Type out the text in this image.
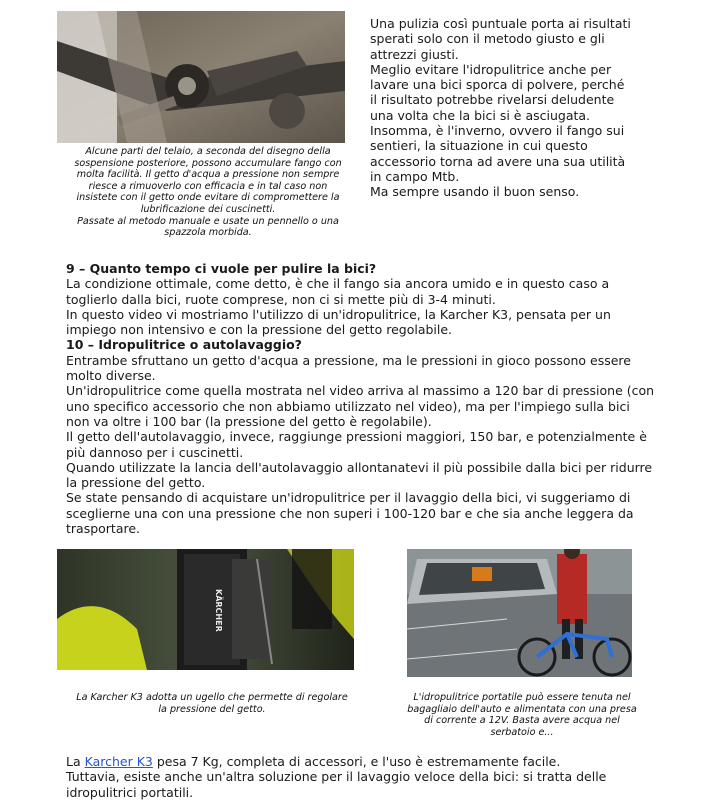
Alcune parti del telaio, a seconda del disegno della sospensione posteriore, possono accumulare fango con molta facilità. Il getto d'acqua a pressione non sempre riesce a rimuoverlo con efficacia e in tal caso non insistete con il getto onde evitare di compromettere la lubrificazione dei cuscinetti.
Passate al metodo manuale e usate un pennello o una spazzola morbida.

Una pulizia così puntuale porta ai risultati sperati solo con il metodo giusto e gli attrezzi giusti.

Meglio evitare l'idropulitrice anche per lavare una bici sporca di polvere, perché il risultato potrebbe rivelarsi deludente una volta che la bici si è asciugata.

Insomma, è l'inverno, ovvero il fango sui sentieri, la situazione in cui questo accessorio torna ad avere una sua utilità in campo Mtb.

Ma sempre usando il buon senso.

9 – Quanto tempo ci vuole per pulire la bici?

La condizione ottimale, come detto, è che il fango sia ancora umido e in questo caso a toglierlo dalla bici, ruote comprese, non ci si mette più di 3-4 minuti.

In questo video vi mostriamo l'utilizzo di un'idropulitrice, la Karcher K3, pensata per un impiego non intensivo e con la pressione del getto regolabile.

10 – Idropulitrice o autolavaggio?

Entrambe sfruttano un getto d'acqua a pressione, ma le pressioni in gioco possono essere molto diverse.

Un'idropulitrice come quella mostrata nel video arriva al massimo a 120 bar di pressione (con uno specifico accessorio che non abbiamo utilizzato nel video), ma per l'impiego sulla bici non va oltre i 100 bar (la pressione del getto è regolabile).

Il getto dell'autolavaggio, invece, raggiunge pressioni maggiori, 150 bar, e potenzialmente è più dannoso per i cuscinetti.

Quando utilizzate la lancia dell'autolavaggio allontanatevi il più possibile dalla bici per ridurre la pressione del getto.

Se state pensando di acquistare un'idropulitrice per il lavaggio della bici, vi suggeriamo di sceglierne una con una pressione che non superi i 100-120 bar e che sia anche leggera da trasportare.

KÄRCHER
La Karcher K3 adotta un ugello che permette di regolare la pressione del getto.
L'idropulitrice portatile può essere tenuta nel bagagliaio dell'auto e alimentata con una presa di corrente a 12V. Basta avere acqua nel serbatoio e...

La Karcher K3 pesa 7 Kg, completa di accessori, e l'uso è estremamente facile.

Tuttavia, esiste anche un'altra soluzione per il lavaggio veloce della bici: si tratta delle idropulitrici portatili.
